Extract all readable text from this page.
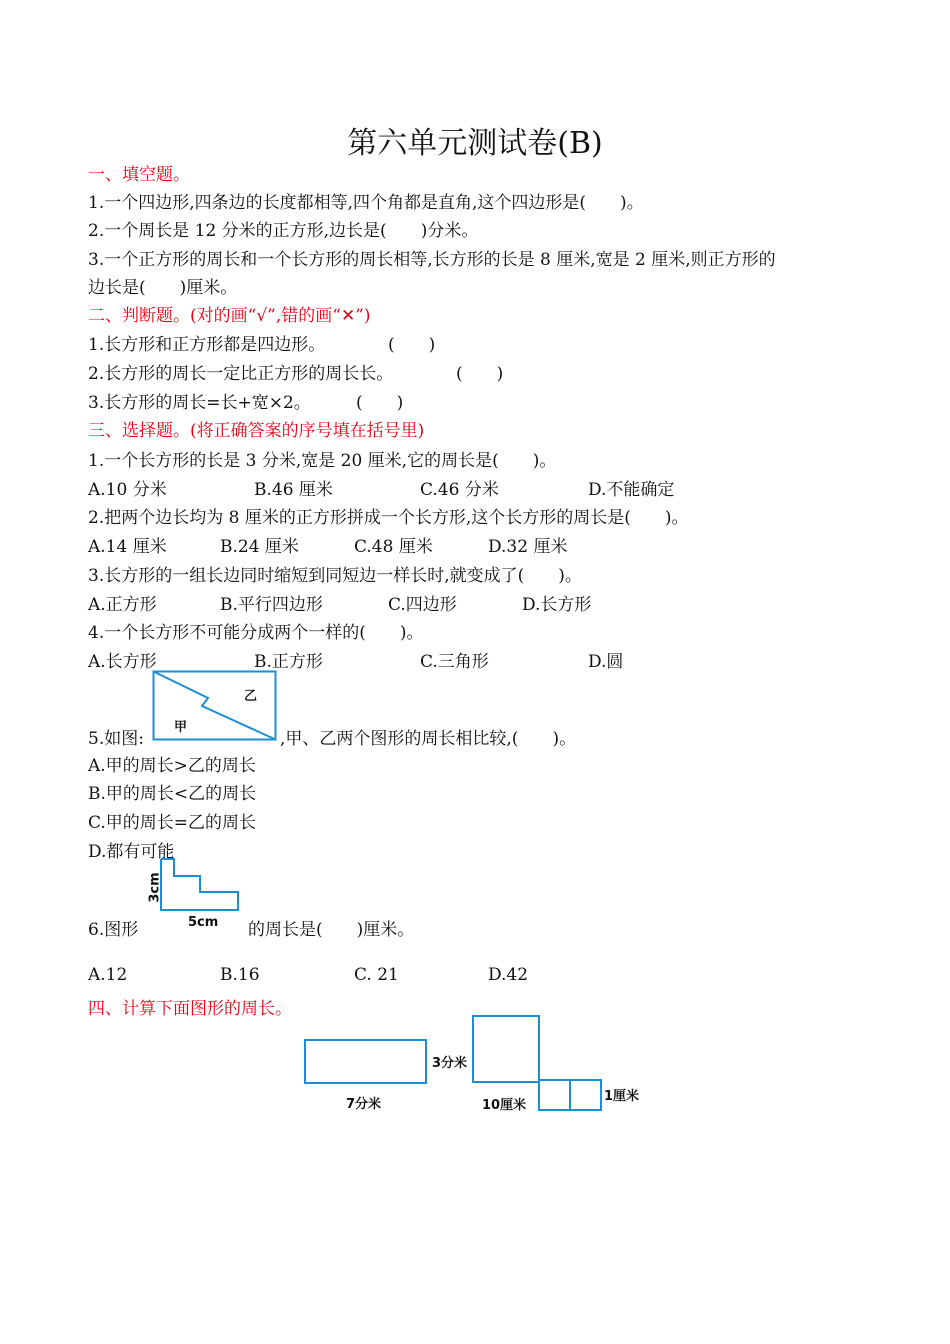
第六单元测试卷(B)
一、填空题。
1.一个四边形,四条边的长度都相等,四个角都是直角,这个四边形是(　　)。
2.一个周长是 12 分米的正方形,边长是(　　)分米。
3.一个正方形的周长和一个长方形的周长相等,长方形的长是 8 厘米,宽是 2 厘米,则正方形的
边长是(　　)厘米。
二、判断题。(对的画“√”,错的画“✕”)
1.长方形和正方形都是四边形。	(　　)
2.长方形的周长一定比正方形的周长长。	(　　)
3.长方形的周长=长+宽×2。	(　　)
三、选择题。(将正确答案的序号填在括号里)
1.一个长方形的长是 3 分米,宽是 20 厘米,它的周长是(　　)。
A.10 分米	B.46 厘米	C.46 分米	D.不能确定
2.把两个边长均为 8 厘米的正方形拼成一个长方形,这个长方形的周长是(　　)。
A.14 厘米	B.24 厘米	C.48 厘米	D.32 厘米
3.长方形的一组长边同时缩短到同短边一样长时,就变成了(　　)。
A.正方形	B.平行四边形	C.四边形	D.长方形
4.一个长方形不可能分成两个一样的(　　)。
A.长方形	B.正方形	C.三角形	D.圆
甲
乙
5.如图:	,甲、乙两个图形的周长相比较,(　　)。
A.甲的周长>乙的周长
B.甲的周长<乙的周长
C.甲的周长=乙的周长
D.都有可能
3cm
5cm
6.图形	的周长是(　　)厘米。
A.12	B.16	C. 21	D.42
四、计算下面图形的周长。
7分米
3分米
10厘米
1厘米
